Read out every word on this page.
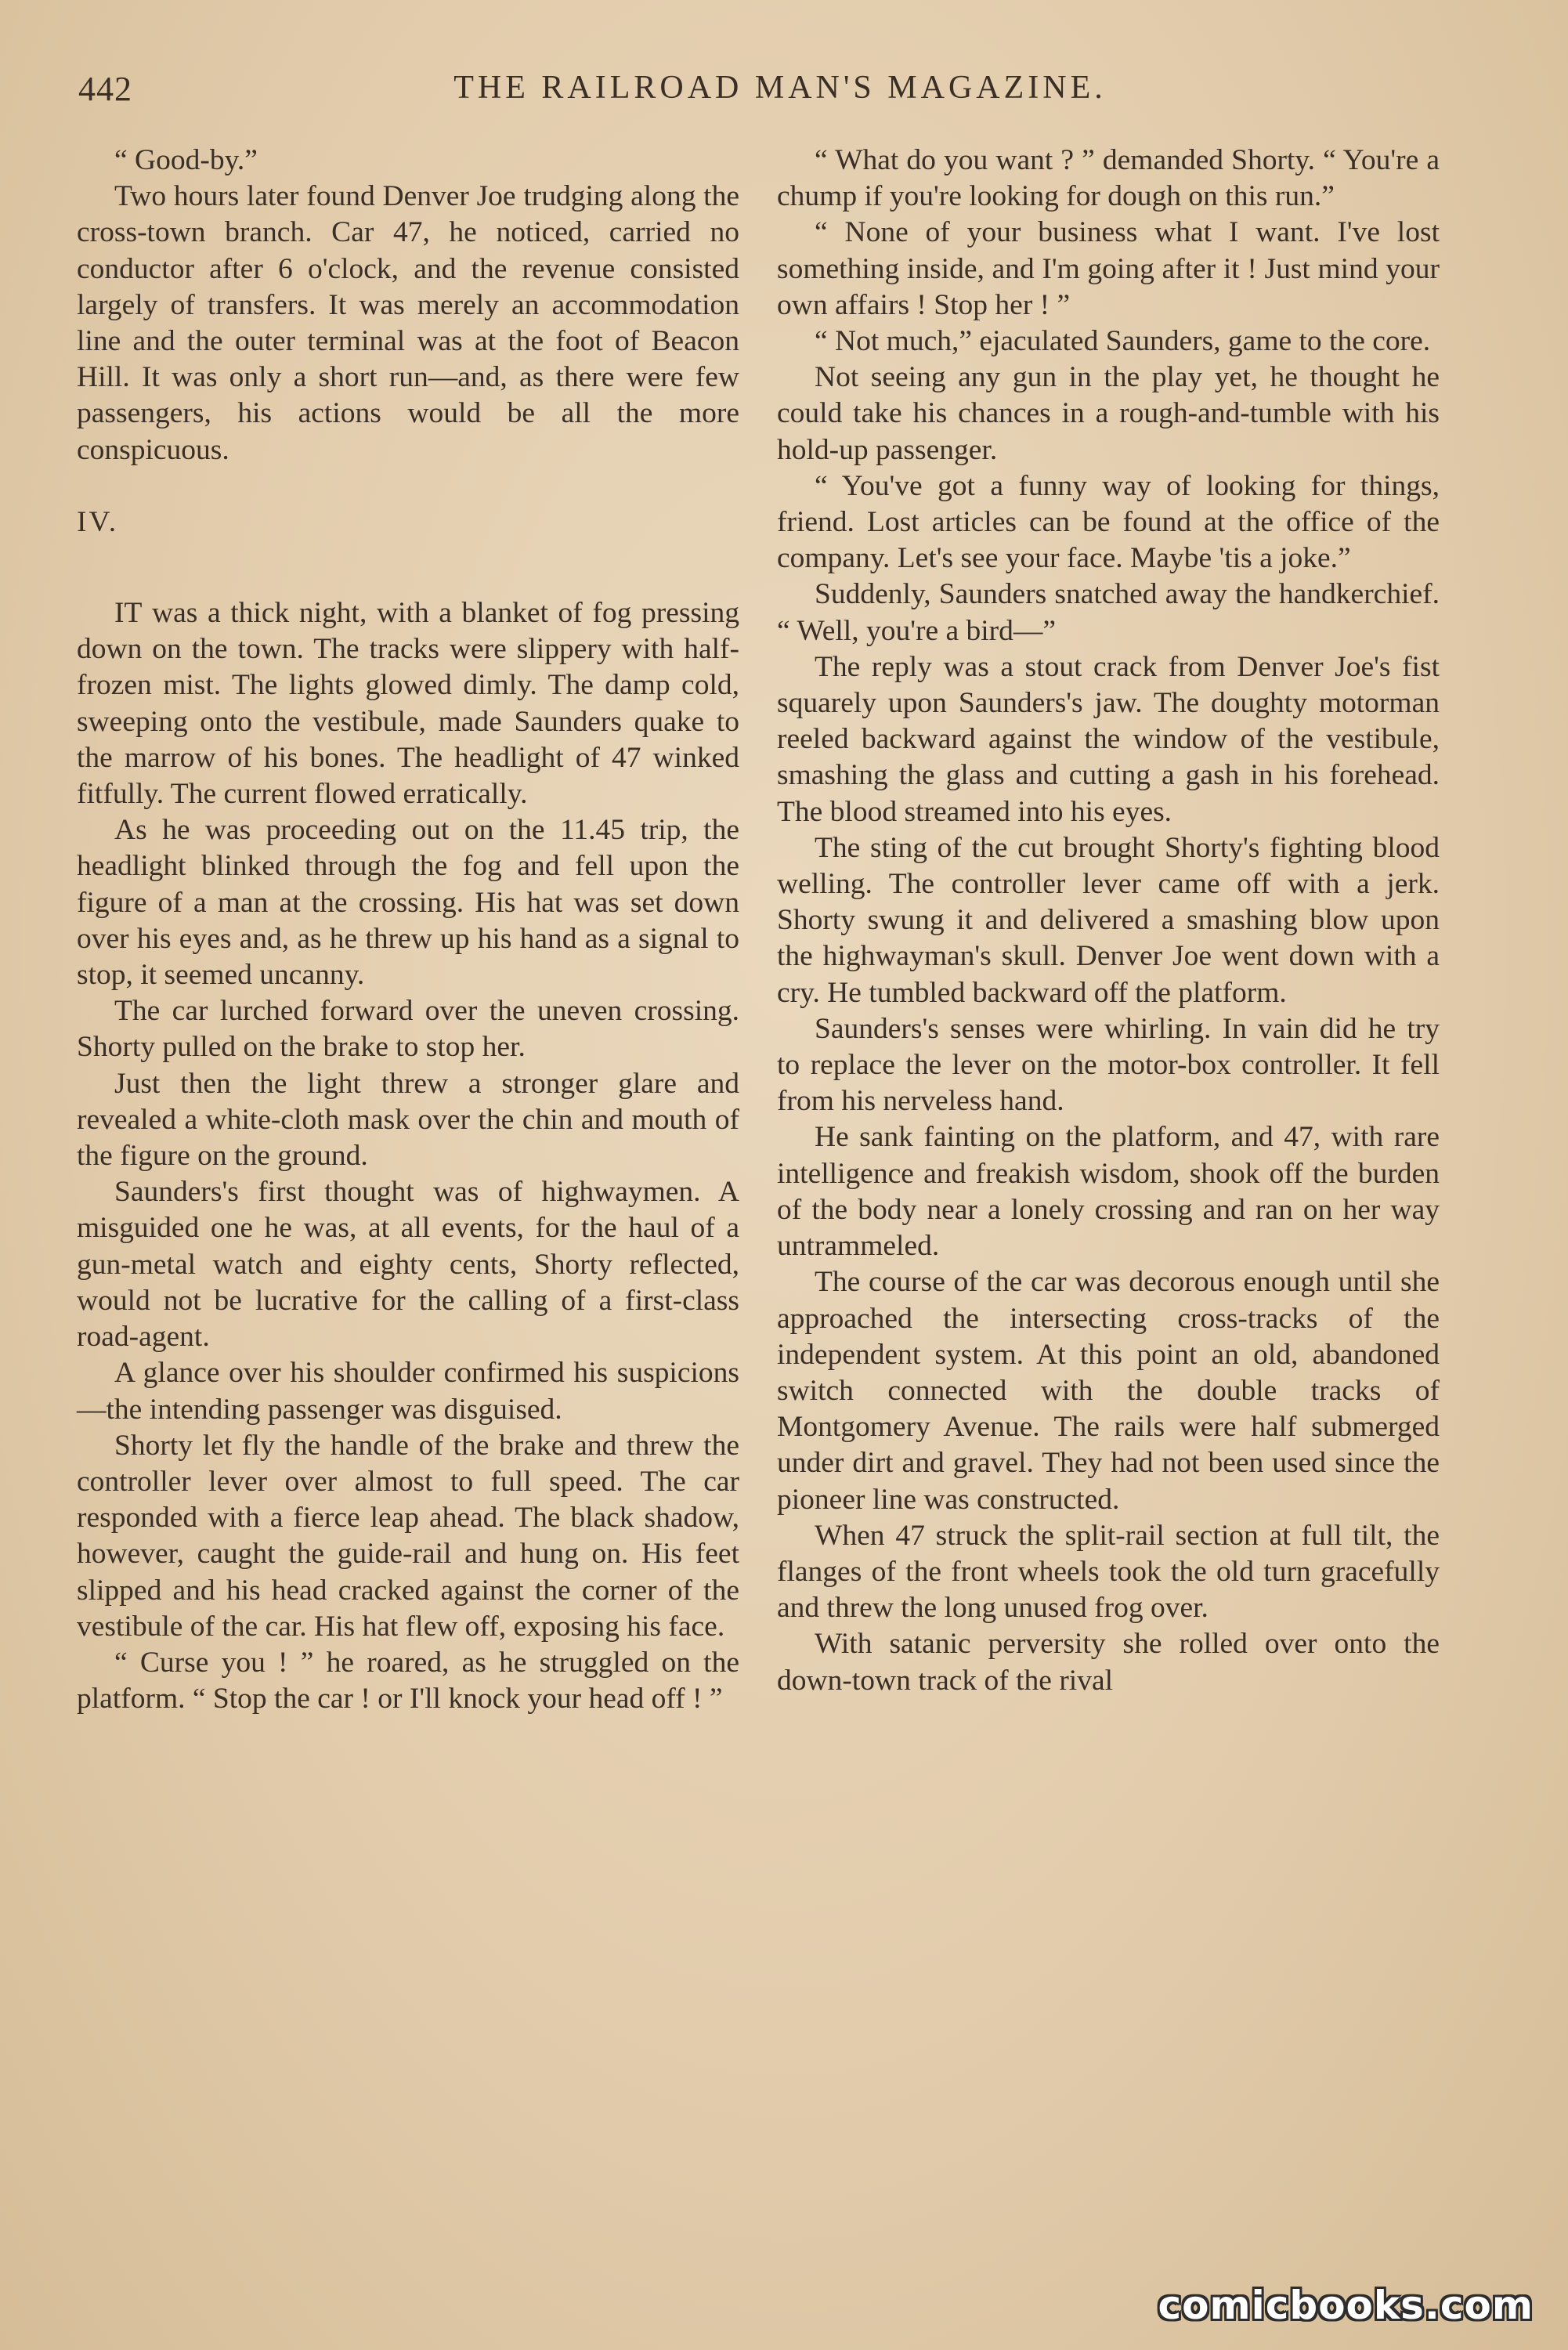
442	THE RAILROAD MAN'S MAGAZINE.

“ Good-by.”

Two hours later found Denver Joe trudging along the cross-town branch. Car 47, he noticed, carried no conductor after 6 o'clock, and the revenue consisted largely of transfers. It was merely an accommodation line and the outer terminal was at the foot of Beacon Hill. It was only a short run—and, as there were few passengers, his actions would be all the more conspicuous.

IV.

IT was a thick night, with a blanket of fog pressing down on the town. The tracks were slippery with half-frozen mist. The lights glowed dimly. The damp cold, sweeping onto the vestibule, made Saunders quake to the marrow of his bones. The headlight of 47 winked fitfully. The current flowed erratically.

As he was proceeding out on the 11.45 trip, the headlight blinked through the fog and fell upon the figure of a man at the crossing. His hat was set down over his eyes and, as he threw up his hand as a signal to stop, it seemed uncanny.

The car lurched forward over the uneven crossing. Shorty pulled on the brake to stop her.

Just then the light threw a stronger glare and revealed a white-cloth mask over the chin and mouth of the figure on the ground.

Saunders's first thought was of highwaymen. A misguided one he was, at all events, for the haul of a gun-metal watch and eighty cents, Shorty reflected, would not be lucrative for the calling of a first-class road-agent.

A glance over his shoulder confirmed his suspicions—the intending passenger was disguised.

Shorty let fly the handle of the brake and threw the controller lever over almost to full speed. The car responded with a fierce leap ahead. The black shadow, however, caught the guide-rail and hung on. His feet slipped and his head cracked against the corner of the vestibule of the car. His hat flew off, exposing his face.

“ Curse you ! ” he roared, as he struggled on the platform. “ Stop the car ! or I'll knock your head off ! ”

“ What do you want ? ” demanded Shorty. “ You're a chump if you're looking for dough on this run.”

“ None of your business what I want. I've lost something inside, and I'm going after it ! Just mind your own affairs ! Stop her ! ”

“ Not much,” ejaculated Saunders, game to the core.

Not seeing any gun in the play yet, he thought he could take his chances in a rough-and-tumble with his hold-up passenger.

“ You've got a funny way of looking for things, friend. Lost articles can be found at the office of the company. Let's see your face. Maybe 'tis a joke.”

Suddenly, Saunders snatched away the handkerchief. “ Well, you're a bird—”

The reply was a stout crack from Denver Joe's fist squarely upon Saunders's jaw. The doughty motorman reeled backward against the window of the vestibule, smashing the glass and cutting a gash in his forehead. The blood streamed into his eyes.

The sting of the cut brought Shorty's fighting blood welling. The controller lever came off with a jerk. Shorty swung it and delivered a smashing blow upon the highwayman's skull. Denver Joe went down with a cry. He tumbled backward off the platform.

Saunders's senses were whirling. In vain did he try to replace the lever on the motor-box controller. It fell from his nerveless hand.

He sank fainting on the platform, and 47, with rare intelligence and freakish wisdom, shook off the burden of the body near a lonely crossing and ran on her way untrammeled.

The course of the car was decorous enough until she approached the intersecting cross-tracks of the independent system. At this point an old, abandoned switch connected with the double tracks of Montgomery Avenue. The rails were half submerged under dirt and gravel. They had not been used since the pioneer line was constructed.

When 47 struck the split-rail section at full tilt, the flanges of the front wheels took the old turn gracefully and threw the long unused frog over.

With satanic perversity she rolled over onto the down-town track of the rival

comicbooks.com
